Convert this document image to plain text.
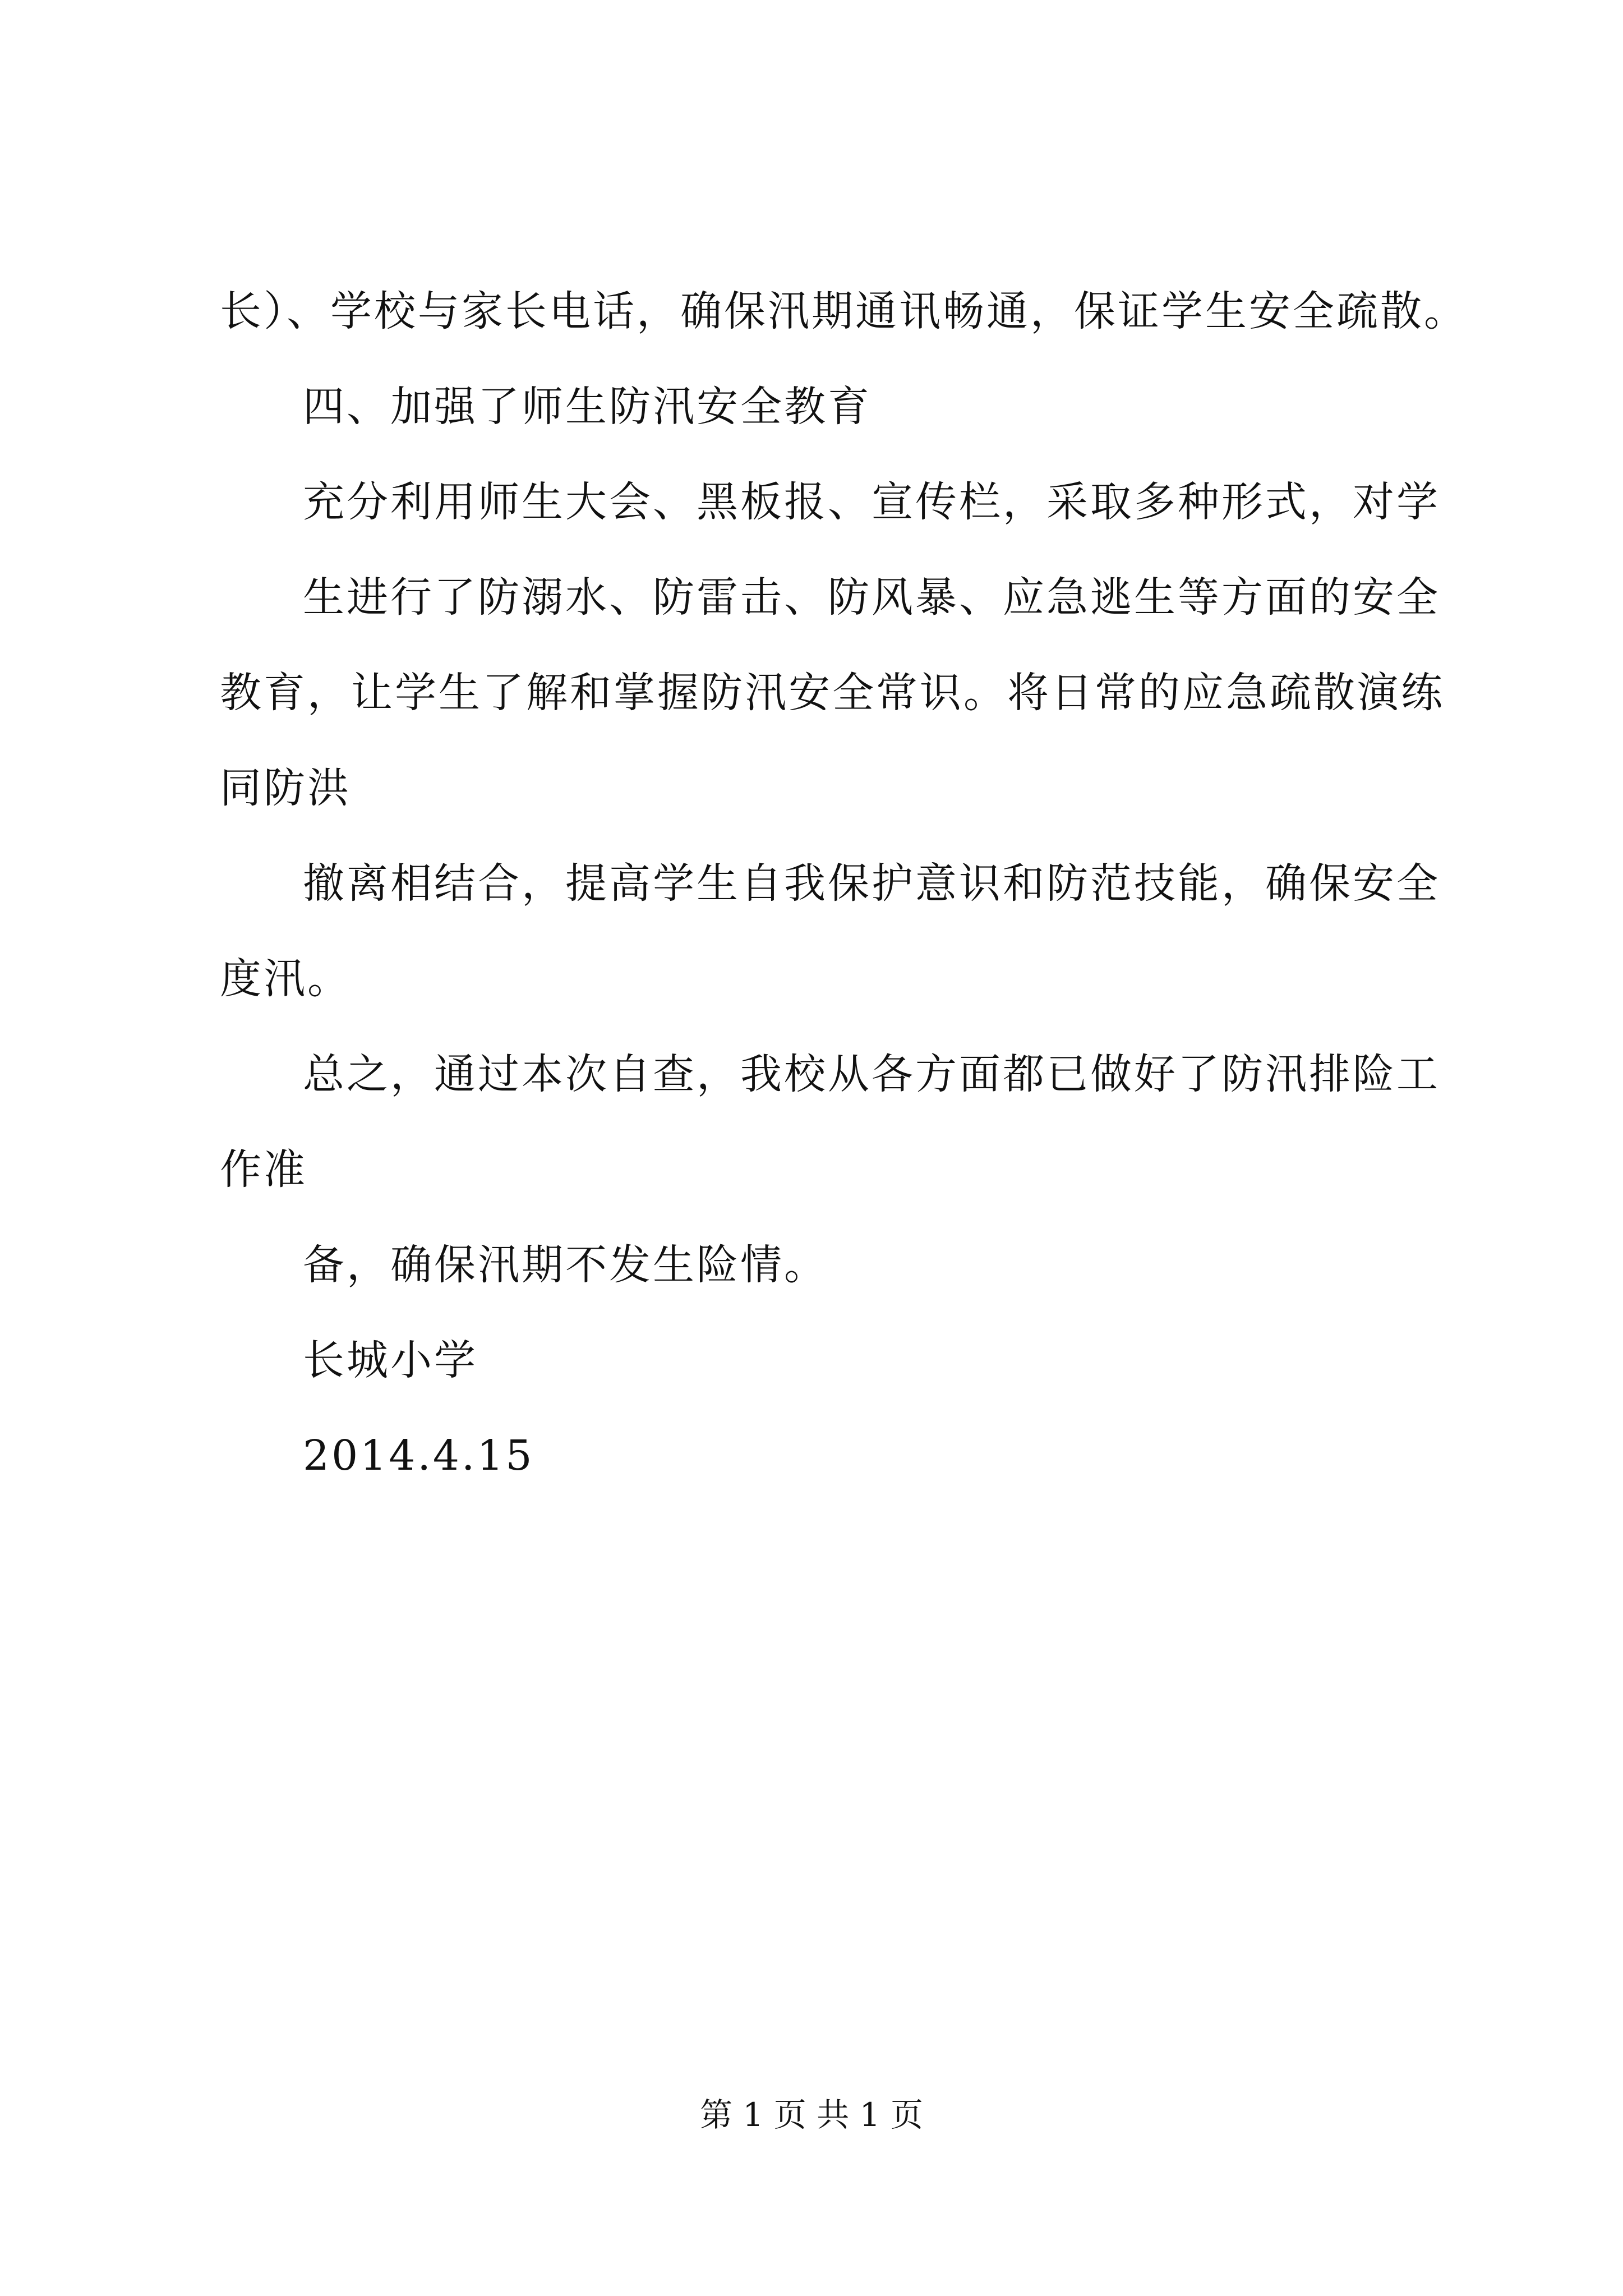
长）、学校与家长电话，确保汛期通讯畅通，保证学生安全疏散。
四、加强了师生防汛安全教育
充分利用师生大会、黑板报、宣传栏，采取多种形式，对学
生进行了防溺水、防雷击、防风暴、应急逃生等方面的安全
教育，让学生了解和掌握防汛安全常识。将日常的应急疏散演练
同防洪
撤离相结合，提高学生自我保护意识和防范技能，确保安全
度汛。
总之，通过本次自查，我校从各方面都已做好了防汛排险工
作准
备，确保汛期不发生险情。
长城小学
2014.4.15
第 1 页 共 1 页
